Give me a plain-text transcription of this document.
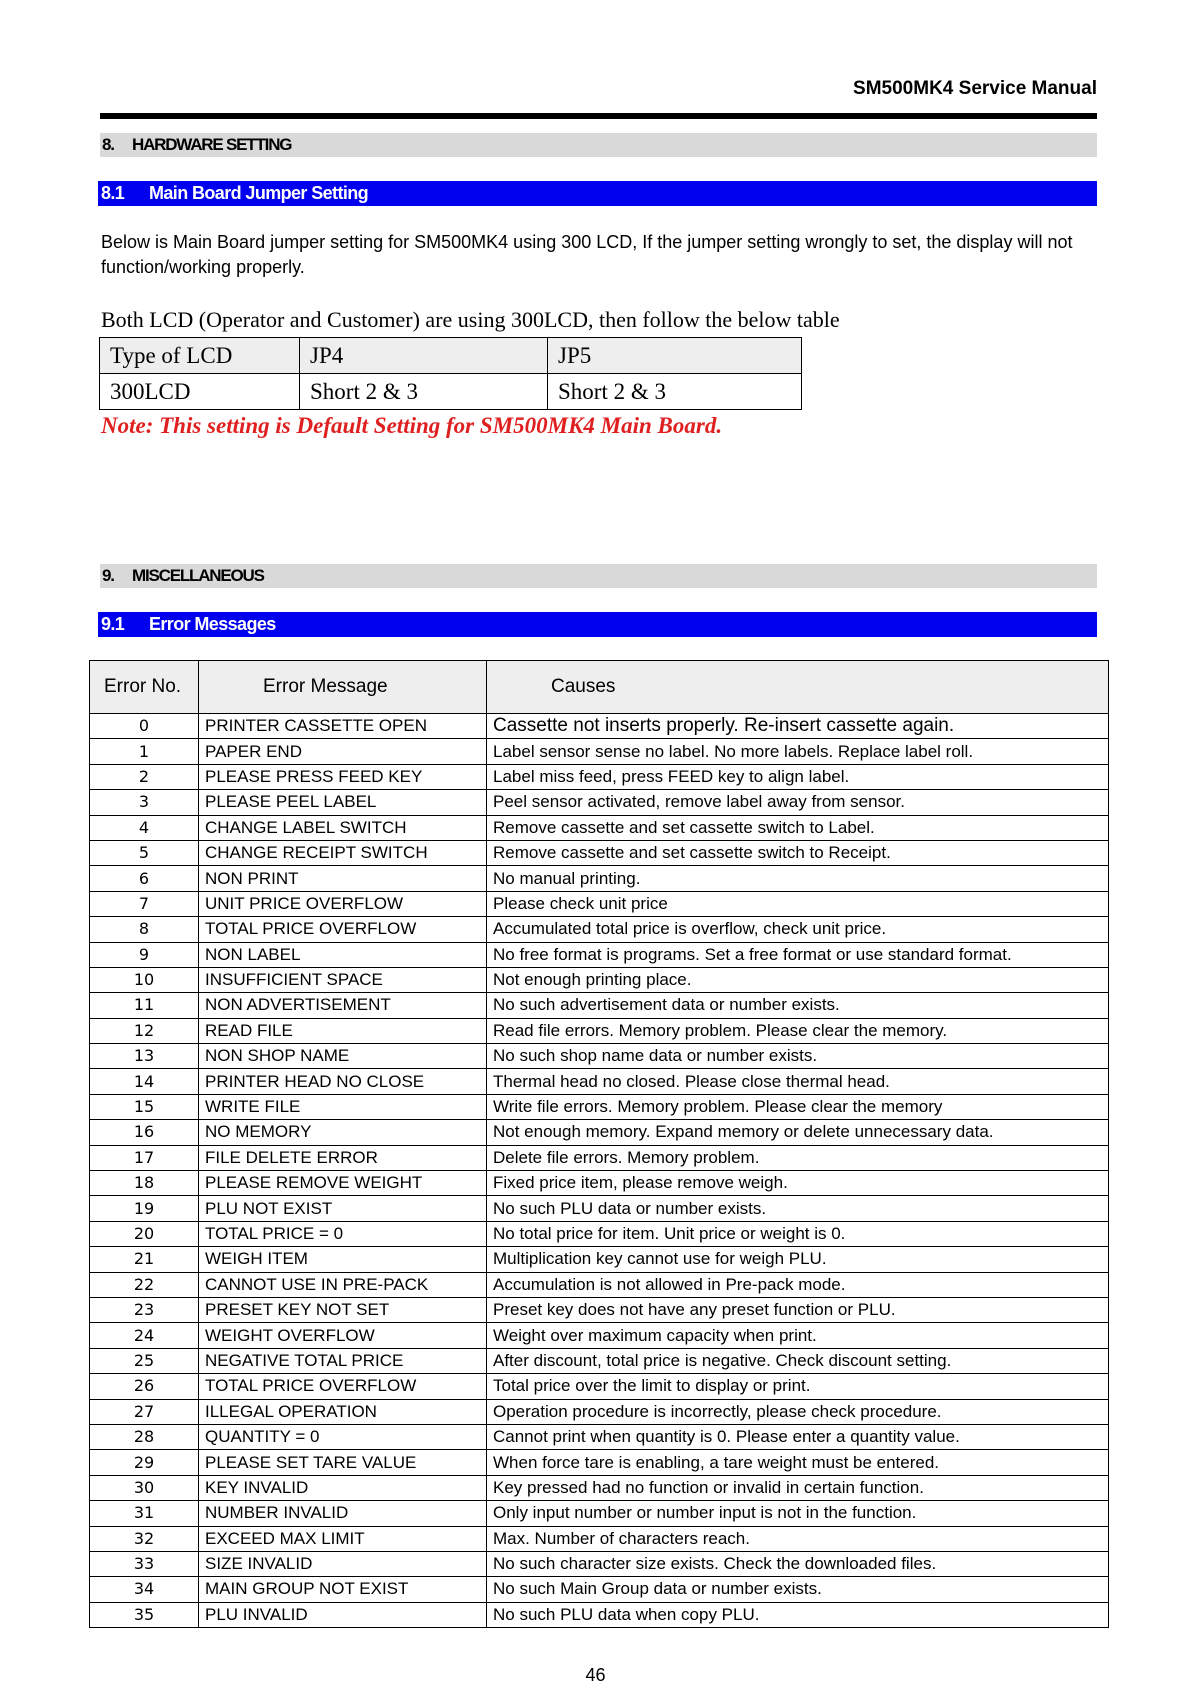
SM500MK4 Service Manual
8. HARDWARE SETTING
8.1 Main Board Jumper Setting

Below is Main Board jumper setting for SM500MK4 using 300 LCD, If the jumper setting wrongly to set, the display will not function/working properly.

Both LCD (Operator and Customer) are using 300LCD, then follow the below table

Type of LCD	JP4	JP5
300LCD	Short 2 & 3	Short 2 & 3

Note: This setting is Default Setting for SM500MK4 Main Board.

9. MISCELLANEOUS
9.1 Error Messages
Error No.	Error Message	Causes
0	PRINTER CASSETTE OPEN	Cassette not inserts properly. Re-insert cassette again.
1	PAPER END	Label sensor sense no label. No more labels. Replace label roll.
2	PLEASE PRESS FEED KEY	Label miss feed, press FEED key to align label.
3	PLEASE PEEL LABEL	Peel sensor activated, remove label away from sensor.
4	CHANGE LABEL SWITCH	Remove cassette and set cassette switch to Label.
5	CHANGE RECEIPT SWITCH	Remove cassette and set cassette switch to Receipt.
6	NON PRINT	No manual printing.
7	UNIT PRICE OVERFLOW	Please check unit price
8	TOTAL PRICE OVERFLOW	Accumulated total price is overflow, check unit price.
9	NON LABEL	No free format is programs. Set a free format or use standard format.
10	INSUFFICIENT SPACE	Not enough printing place.
11	NON ADVERTISEMENT	No such advertisement data or number exists.
12	READ FILE	Read file errors. Memory problem. Please clear the memory.
13	NON SHOP NAME	No such shop name data or number exists.
14	PRINTER HEAD NO CLOSE	Thermal head no closed. Please close thermal head.
15	WRITE FILE	Write file errors. Memory problem. Please clear the memory
16	NO MEMORY	Not enough memory. Expand memory or delete unnecessary data.
17	FILE DELETE ERROR	Delete file errors. Memory problem.
18	PLEASE REMOVE WEIGHT	Fixed price item, please remove weigh.
19	PLU NOT EXIST	No such PLU data or number exists.
20	TOTAL PRICE = 0	No total price for item. Unit price or weight is 0.
21	WEIGH ITEM	Multiplication key cannot use for weigh PLU.
22	CANNOT USE IN PRE-PACK	Accumulation is not allowed in Pre-pack mode.
23	PRESET KEY NOT SET	Preset key does not have any preset function or PLU.
24	WEIGHT OVERFLOW	Weight over maximum capacity when print.
25	NEGATIVE TOTAL PRICE	After discount, total price is negative. Check discount setting.
26	TOTAL PRICE OVERFLOW	Total price over the limit to display or print.
27	ILLEGAL OPERATION	Operation procedure is incorrectly, please check procedure.
28	QUANTITY = 0	Cannot print when quantity is 0. Please enter a quantity value.
29	PLEASE SET TARE VALUE	When force tare is enabling, a tare weight must be entered.
30	KEY INVALID	Key pressed had no function or invalid in certain function.
31	NUMBER INVALID	Only input number or number input is not in the function.
32	EXCEED MAX LIMIT	Max. Number of characters reach.
33	SIZE INVALID	No such character size exists. Check the downloaded files.
34	MAIN GROUP NOT EXIST	No such Main Group data or number exists.
35	PLU INVALID	No such PLU data when copy PLU.
46
